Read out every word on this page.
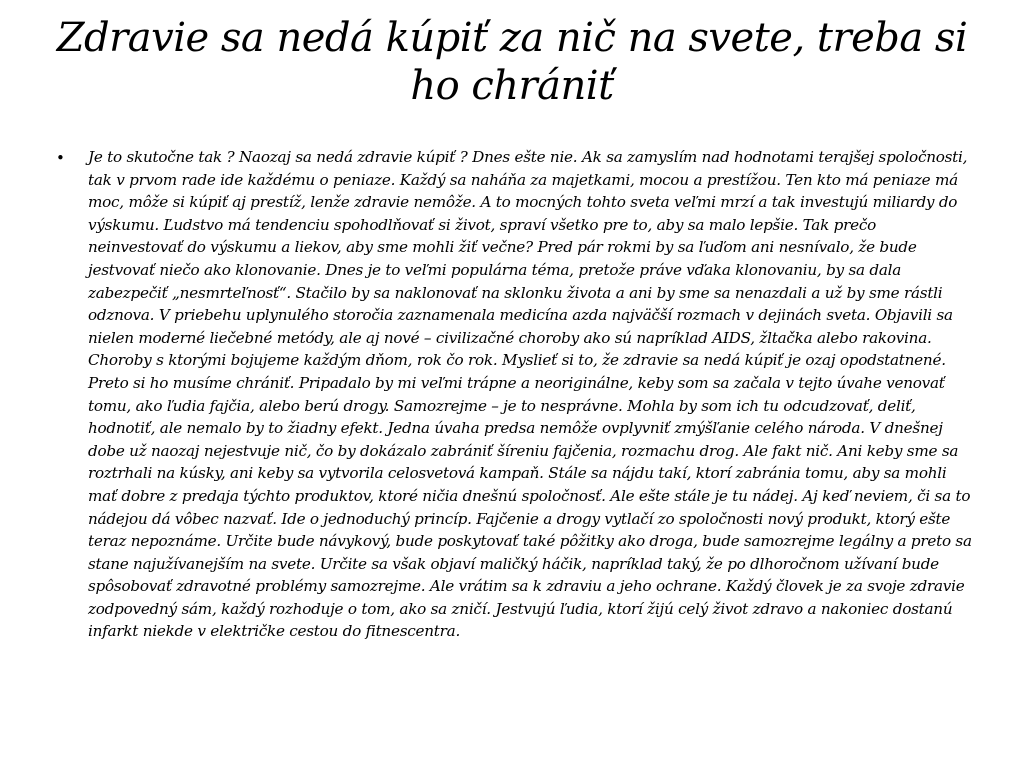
Zdravie sa nedá kúpiť za nič na svete, treba si ho chrániť
• Je to skutočne tak ? Naozaj sa nedá zdravie kúpiť ? Dnes ešte nie. Ak sa zamyslím nad hodnotami terajšej spoločnosti, tak v prvom rade ide každému o peniaze. Každý sa naháňa za majetkami, mocou a prestížou. Ten kto má peniaze má moc, môže si kúpiť aj prestíž, lenže zdravie nemôže. A to mocných tohto sveta veľmi mrzí a tak investujú miliardy do výskumu. Ľudstvo má tendenciu spohodlňovať si život, spraví všetko pre to, aby sa malo lepšie. Tak prečo neinvestovať do výskumu a liekov, aby sme mohli žiť večne? Pred pár rokmi by sa ľuďom ani nesnívalo, že bude jestvovať niečo ako klonovanie. Dnes je to veľmi populárna téma, pretože práve vďaka klonovaniu, by sa dala zabezpečiť „nesmrteľnosť“. Stačilo by sa naklonovať na sklonku života a ani by sme sa nenazdali a už by sme rástli odznova. V priebehu uplynulého storočia zaznamenala medicína azda najväčší rozmach v dejinách sveta. Objavili sa nielen moderné liečebné metódy, ale aj nové – civilizačné choroby ako sú napríklad AIDS, žltačka alebo rakovina. Choroby s ktorými bojujeme každým dňom, rok čo rok. Myslieť si to, že zdravie sa nedá kúpiť je ozaj opodstatnené. Preto si ho musíme chrániť. Pripadalo by mi veľmi trápne a neoriginálne, keby som sa začala v tejto úvahe venovať tomu, ako ľudia fajčia, alebo berú drogy. Samozrejme – je to nesprávne. Mohla by som ich tu odcudzovať, deliť, hodnotiť, ale nemalo by to žiadny efekt. Jedna úvaha predsa nemôže ovplyvniť zmýšľanie celého národa. V dnešnej dobe už naozaj nejestvuje nič, čo by dokázalo zabrániť šíreniu fajčenia, rozmachu drog. Ale fakt nič. Ani keby sme sa roztrhali na kúsky, ani keby sa vytvorila celosvetová kampaň. Stále sa nájdu takí, ktorí zabránia tomu, aby sa mohli mať dobre z predaja týchto produktov, ktoré ničia dnešnú spoločnosť. Ale ešte stále je tu nádej. Aj keď neviem, či sa to nádejou dá vôbec nazvať. Ide o jednoduchý princíp. Fajčenie a drogy vytlačí zo spoločnosti nový produkt, ktorý ešte teraz nepoznáme. Určite bude návykový, bude poskytovať také pôžitky ako droga, bude samozrejme legálny a preto sa stane najužívanejším na svete. Určite sa však objaví maličký háčik, napríklad taký, že po dlhoročnom užívaní bude spôsobovať zdravotné problémy samozrejme. Ale vrátim sa k zdraviu a jeho ochrane. Každý človek je za svoje zdravie zodpovedný sám, každý rozhoduje o tom, ako sa zničí. Jestvujú ľudia, ktorí žijú celý život zdravo a nakoniec dostanú infarkt niekde v električke cestou do fitnescentra.
